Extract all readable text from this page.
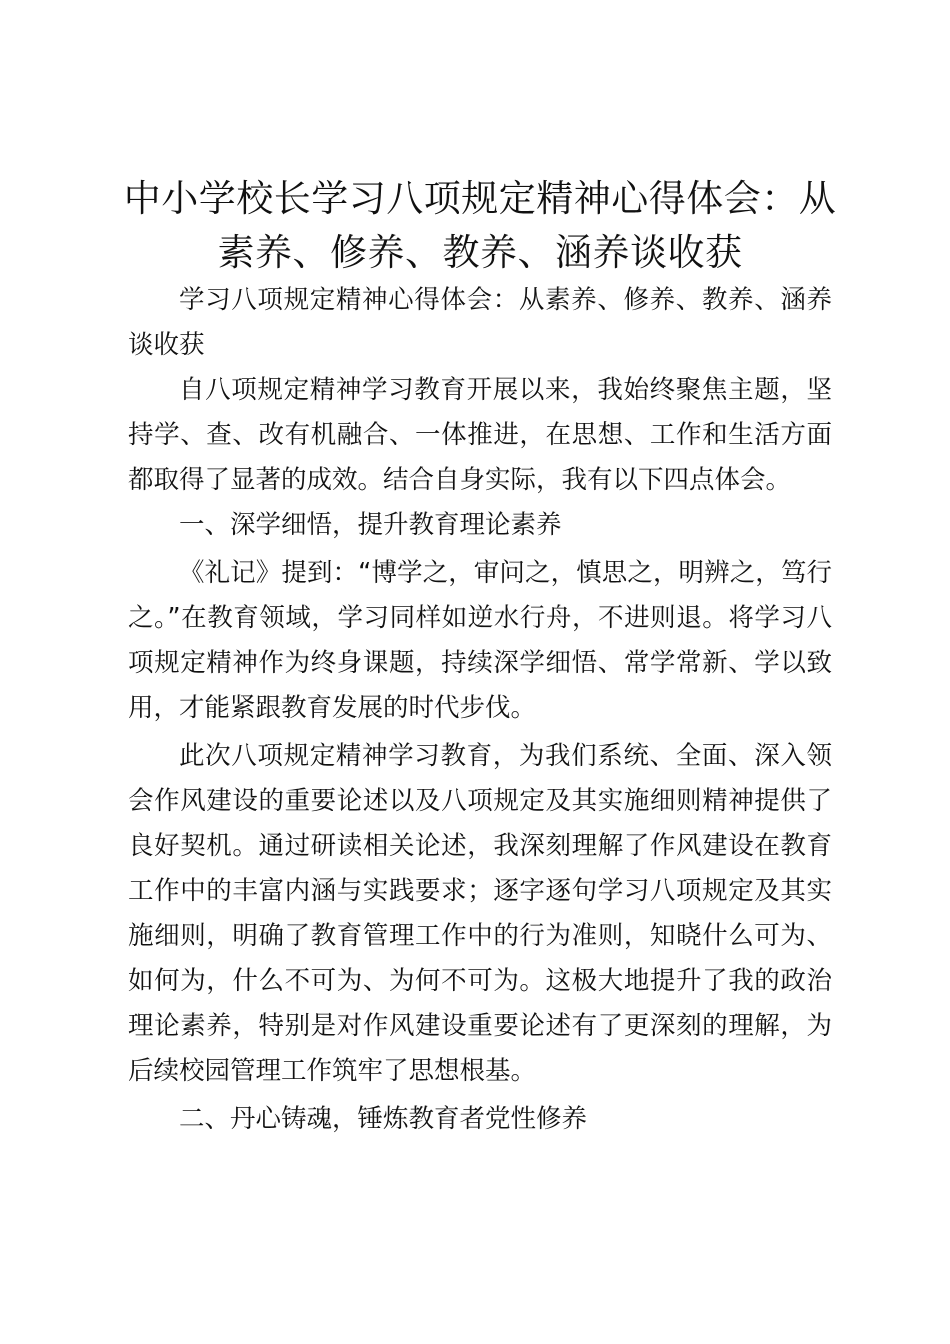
中小学校长学习八项规定精神心得体会：从素养、修养、教养、涵养谈收获

学习八项规定精神心得体会：从素养、修养、教养、涵养谈收获

自八项规定精神学习教育开展以来，我始终聚焦主题，坚持学、查、改有机融合、一体推进，在思想、工作和生活方面都取得了显著的成效。结合自身实际，我有以下四点体会。

一、深学细悟，提升教育理论素养

《礼记》提到：“博学之，审问之，慎思之，明辨之，笃行之。”在教育领域，学习同样如逆水行舟，不进则退。将学习八项规定精神作为终身课题，持续深学细悟、常学常新、学以致用，才能紧跟教育发展的时代步伐。

此次八项规定精神学习教育，为我们系统、全面、深入领会作风建设的重要论述以及八项规定及其实施细则精神提供了良好契机。通过研读相关论述，我深刻理解了作风建设在教育工作中的丰富内涵与实践要求；逐字逐句学习八项规定及其实施细则，明确了教育管理工作中的行为准则，知晓什么可为、如何为，什么不可为、为何不可为。这极大地提升了我的政治理论素养，特别是对作风建设重要论述有了更深刻的理解，为后续校园管理工作筑牢了思想根基。

二、丹心铸魂，锤炼教育者党性修养
